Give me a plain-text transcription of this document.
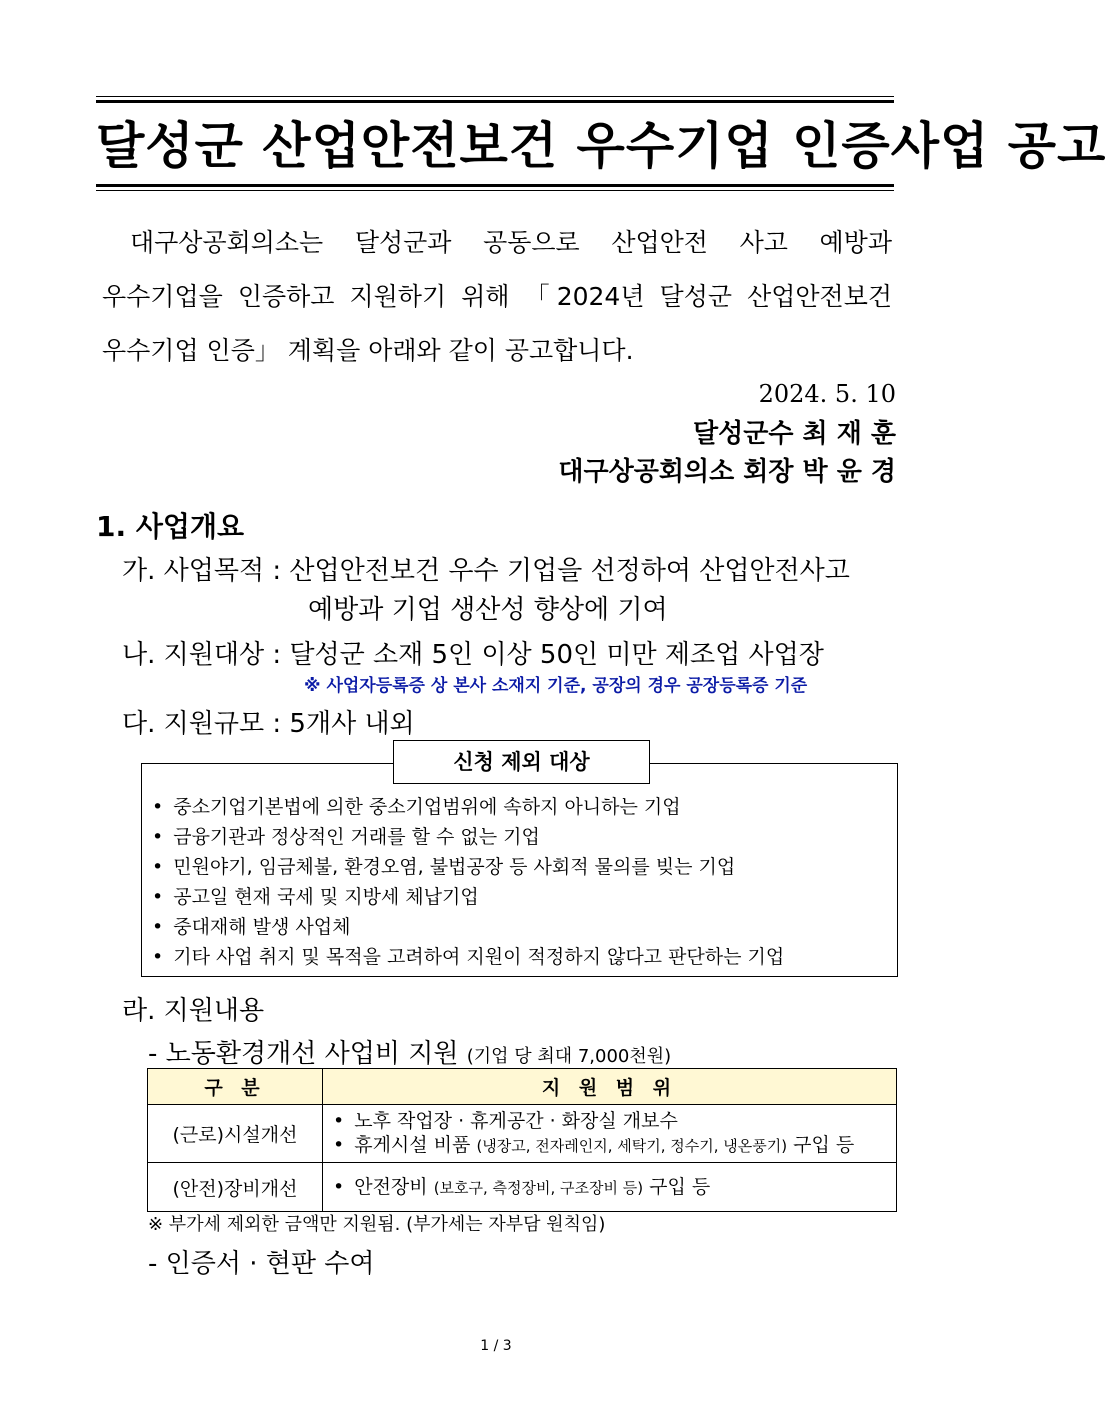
달성군 산업안전보건 우수기업 인증사업 공고

대구상공회의소는 달성군과 공동으로 산업안전 사고 예방과

우수기업을 인증하고 지원하기 위해 「2024년 달성군 산업안전보건

우수기업 인증」 계획을 아래와 같이 공고합니다.

2024. 5. 10
달성군수 최 재 훈
대구상공회의소 회장 박 윤 경
1. 사업개요
가. 사업목적 : 산업안전보건 우수 기업을 선정하여 산업안전사고
예방과 기업 생산성 향상에 기여
나. 지원대상 : 달성군 소재 5인 이상 50인 미만 제조업 사업장
※ 사업자등록증 상 본사 소재지 기준, 공장의 경우 공장등록증 기준
다. 지원규모 : 5개사 내외
• 중소기업기본법에 의한 중소기업범위에 속하지 아니하는 기업
• 금융기관과 정상적인 거래를 할 수 없는 기업
• 민원야기, 임금체불, 환경오염, 불법공장 등 사회적 물의를 빚는 기업
• 공고일 현재 국세 및 지방세 체납기업
• 중대재해 발생 사업체
• 기타 사업 취지 및 목적을 고려하여 지원이 적정하지 않다고 판단하는 기업
신청 제외 대상
라. 지원내용
- 노동환경개선 사업비 지원 (기업 당 최대 7,000천원)
구 분	지 원 범 위
(근로)시설개선	• 노후 작업장 · 휴게공간 · 화장실 개보수
• 휴게시설 비품 (냉장고, 전자레인지, 세탁기, 정수기, 냉온풍기) 구입 등

(안전)장비개선	• 안전장비 (보호구, 측정장비, 구조장비 등) 구입 등
※ 부가세 제외한 금액만 지원됨. (부가세는 자부담 원칙임)
- 인증서 · 현판 수여
1 / 3
